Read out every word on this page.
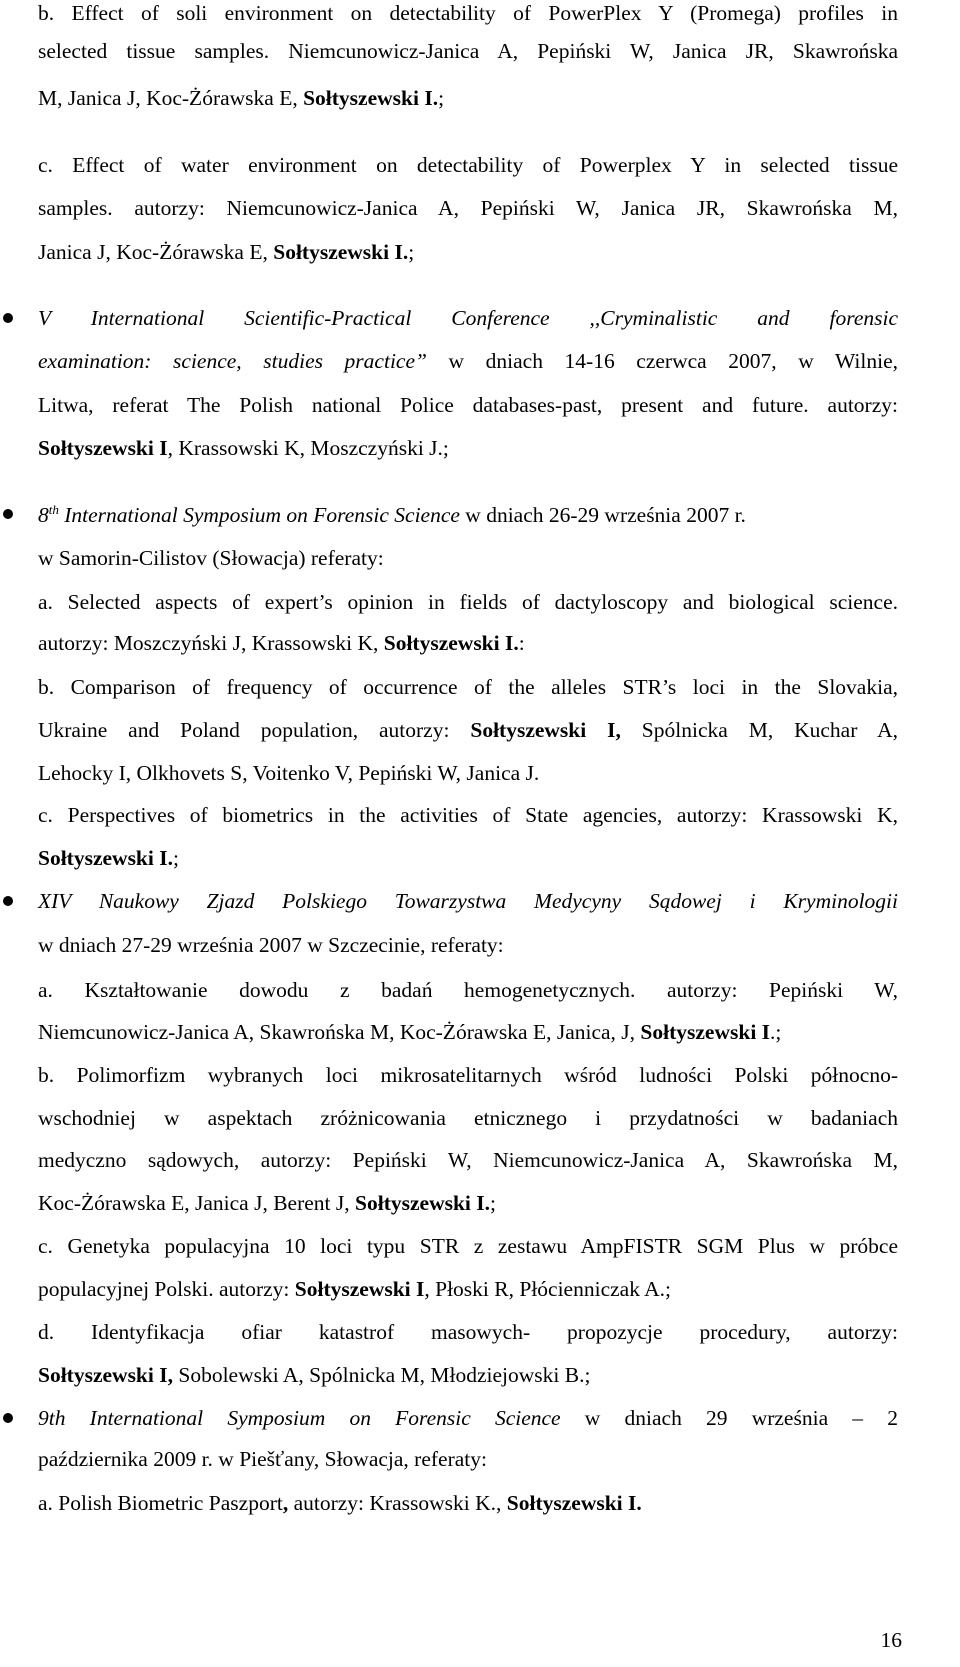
b. Effect of soli environment on detectability of PowerPlex Y (Promega) profiles in
selected tissue samples. Niemcunowicz-Janica A, Pepiński W, Janica JR, Skawrońska
M, Janica J, Koc-Żórawska E, Sołtyszewski I.;
c. Effect of water environment on detectability of Powerplex Y in selected tissue
samples. autorzy: Niemcunowicz-Janica A, Pepiński W, Janica JR, Skawrońska M,
Janica J, Koc-Żórawska E, Sołtyszewski I.;
V International Scientific-Practical Conference ,,Cryminalistic and forensic
examination: science, studies practice” w dniach 14-16 czerwca 2007, w Wilnie,
Litwa, referat The Polish national Police databases-past, present and future. autorzy:
Sołtyszewski I, Krassowski K, Moszczyński J.;
8th International Symposium on Forensic Science w dniach 26-29 września 2007 r.
w Samorin-Cilistov (Słowacja) referaty:
a. Selected aspects of expert’s opinion in fields of dactyloscopy and biological science.
autorzy: Moszczyński J, Krassowski K, Sołtyszewski I.:
b. Comparison of frequency of occurrence of the alleles STR’s loci in the Slovakia,
Ukraine and Poland population, autorzy: Sołtyszewski I, Spólnicka M, Kuchar A,
Lehocky I, Olkhovets S, Voitenko V, Pepiński W, Janica J.
c. Perspectives of biometrics in the activities of State agencies, autorzy: Krassowski K,
Sołtyszewski I.;
XIV Naukowy Zjazd Polskiego Towarzystwa Medycyny Sądowej i Kryminologii
w dniach 27-29 września 2007 w Szczecinie, referaty:
a. Kształtowanie dowodu z badań hemogenetycznych. autorzy: Pepiński W,
Niemcunowicz-Janica A, Skawrońska M, Koc-Żórawska E, Janica, J, Sołtyszewski I.;
b. Polimorfizm wybranych loci mikrosatelitarnych wśród ludności Polski północno-
wschodniej w aspektach zróżnicowania etnicznego i przydatności w badaniach
medyczno sądowych, autorzy: Pepiński W, Niemcunowicz-Janica A, Skawrońska M,
Koc-Żórawska E, Janica J, Berent J, Sołtyszewski I.;
c. Genetyka populacyjna 10 loci typu STR z zestawu AmpFISTR SGM Plus w próbce
populacyjnej Polski. autorzy: Sołtyszewski I, Płoski R, Płócienniczak A.;
d. Identyfikacja ofiar katastrof masowych- propozycje procedury, autorzy:
Sołtyszewski I, Sobolewski A, Spólnicka M, Młodziejowski B.;
9th International Symposium on Forensic Science w dniach 29 września – 2
października 2009 r. w Piešťany, Słowacja, referaty:
a. Polish Biometric Paszport, autorzy: Krassowski K., Sołtyszewski I.
16
